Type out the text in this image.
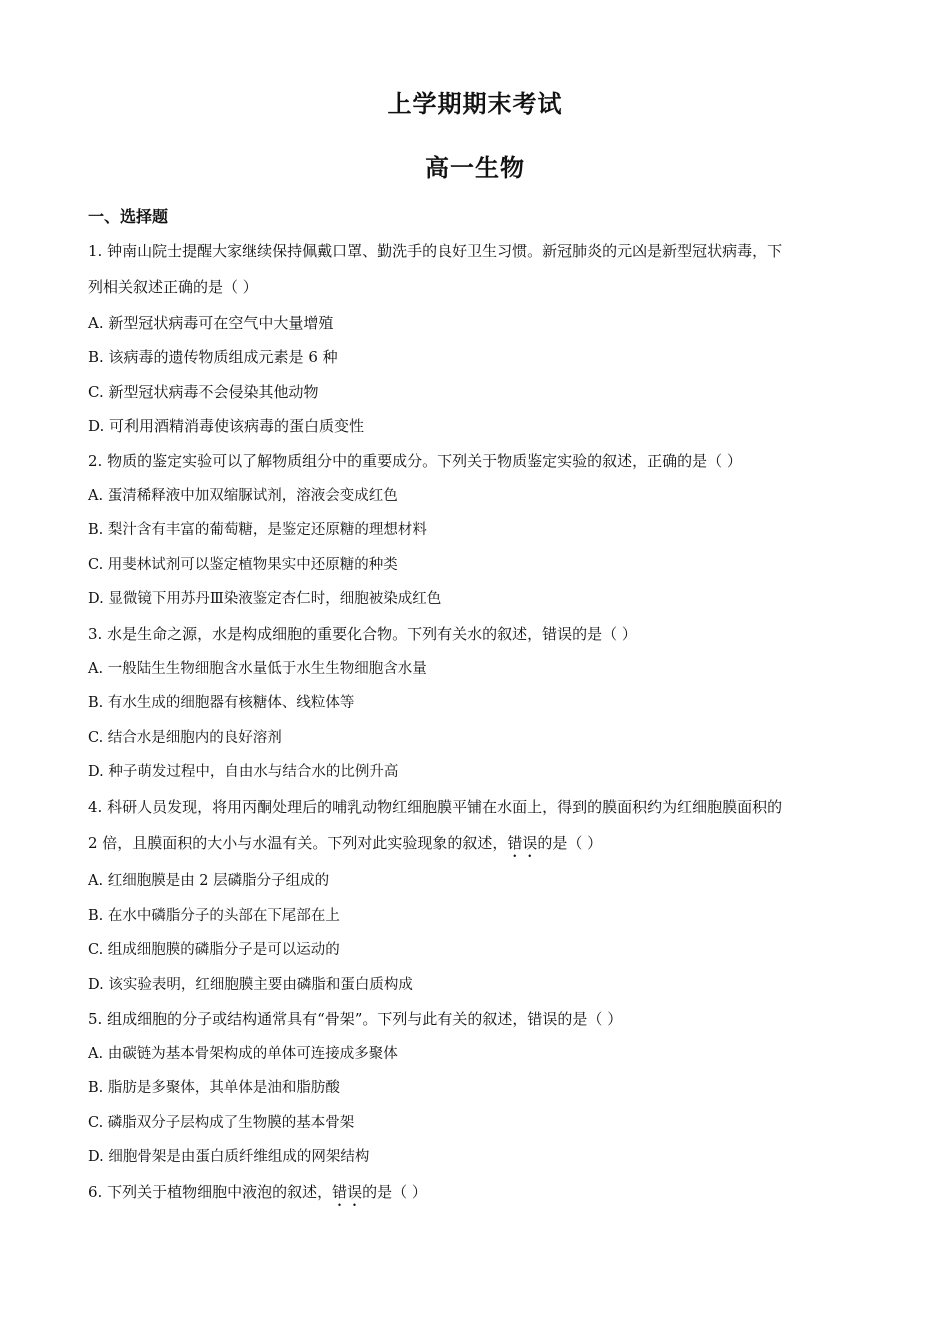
上学期期末考试
高一生物
一、选择题

1. 钟南山院士提醒大家继续保持佩戴口罩、勤洗手的良好卫生习惯。新冠肺炎的元凶是新型冠状病毒，下

列相关叙述正确的是（ ）

A. 新型冠状病毒可在空气中大量增殖

B. 该病毒的遗传物质组成元素是 6 种

C. 新型冠状病毒不会侵染其他动物

D. 可利用酒精消毒使该病毒的蛋白质变性

2. 物质的鉴定实验可以了解物质组分中的重要成分。下列关于物质鉴定实验的叙述，正确的是（ ）

A. 蛋清稀释液中加双缩脲试剂，溶液会变成红色

B. 梨汁含有丰富的葡萄糖，是鉴定还原糖的理想材料

C. 用斐林试剂可以鉴定植物果实中还原糖的种类

D. 显微镜下用苏丹Ⅲ染液鉴定杏仁时，细胞被染成红色

3. 水是生命之源，水是构成细胞的重要化合物。下列有关水的叙述，错误的是（ ）

A. 一般陆生生物细胞含水量低于水生生物细胞含水量

B. 有水生成的细胞器有核糖体、线粒体等

C. 结合水是细胞内的良好溶剂

D. 种子萌发过程中，自由水与结合水的比例升高

4. 科研人员发现，将用丙酮处理后的哺乳动物红细胞膜平铺在水面上，得到的膜面积约为红细胞膜面积的

2 倍，且膜面积的大小与水温有关。下列对此实验现象的叙述，错误的是（ ）

A. 红细胞膜是由 2 层磷脂分子组成的

B. 在水中磷脂分子的头部在下尾部在上

C. 组成细胞膜的磷脂分子是可以运动的

D. 该实验表明，红细胞膜主要由磷脂和蛋白质构成

5. 组成细胞的分子或结构通常具有“骨架”。下列与此有关的叙述，错误的是（ ）

A. 由碳链为基本骨架构成的单体可连接成多聚体

B. 脂肪是多聚体，其单体是油和脂肪酸

C. 磷脂双分子层构成了生物膜的基本骨架

D. 细胞骨架是由蛋白质纤维组成的网架结构

6. 下列关于植物细胞中液泡的叙述，错误的是（ ）
